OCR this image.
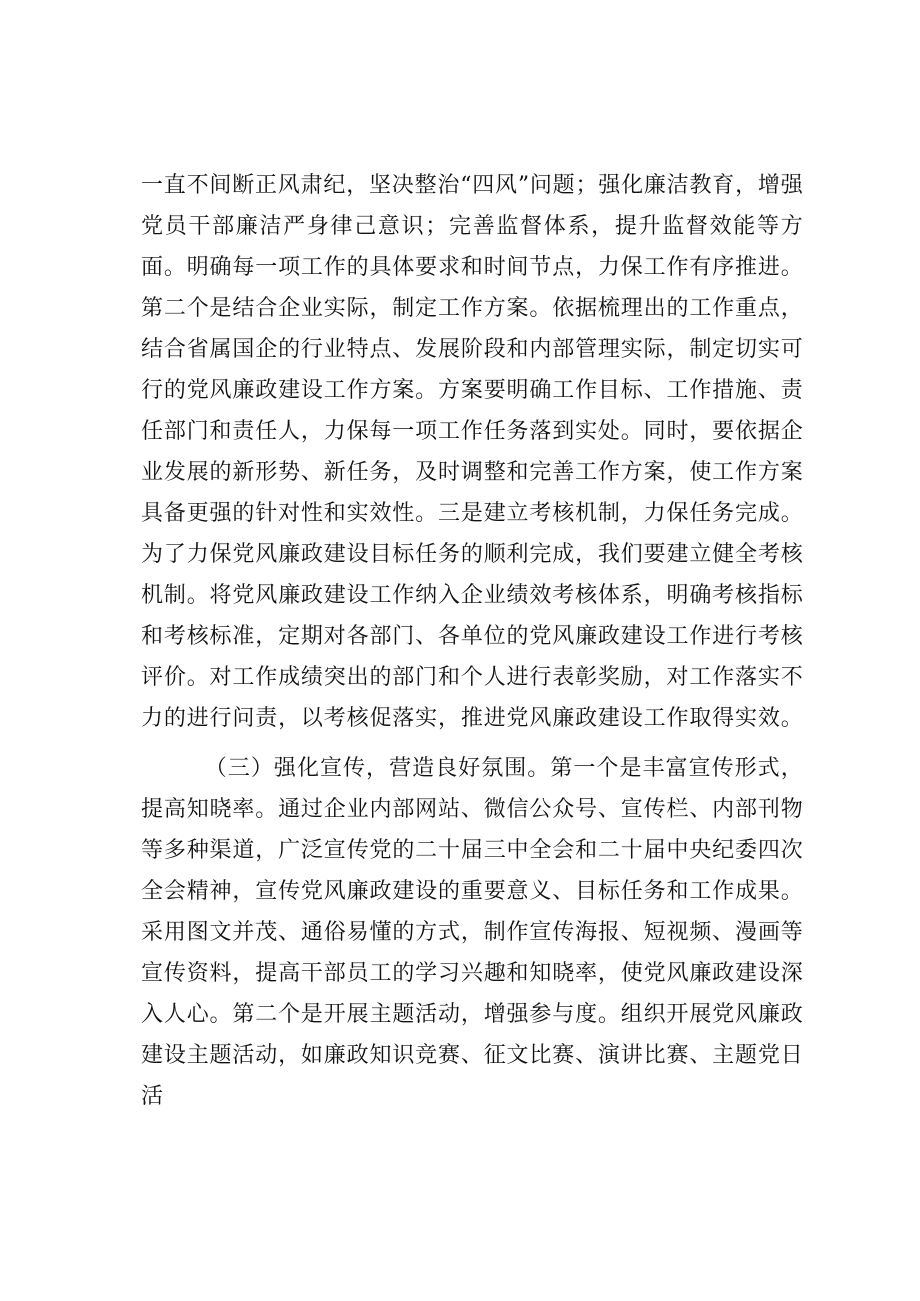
一直不间断正风肃纪，坚决整治“四风”问题；强化廉洁教育，增强党员干部廉洁严身律己意识；完善监督体系，提升监督效能等方面。明确每一项工作的具体要求和时间节点，力保工作有序推进。第二个是结合企业实际，制定工作方案。依据梳理出的工作重点，结合省属国企的行业特点、发展阶段和内部管理实际，制定切实可行的党风廉政建设工作方案。方案要明确工作目标、工作措施、责任部门和责任人，力保每一项工作任务落到实处。同时，要依据企业发展的新形势、新任务，及时调整和完善工作方案，使工作方案具备更强的针对性和实效性。三是建立考核机制，力保任务完成。为了力保党风廉政建设目标任务的顺利完成，我们要建立健全考核机制。将党风廉政建设工作纳入企业绩效考核体系，明确考核指标和考核标准，定期对各部门、各单位的党风廉政建设工作进行考核评价。对工作成绩突出的部门和个人进行表彰奖励，对工作落实不力的进行问责，以考核促落实，推进党风廉政建设工作取得实效。

（三）强化宣传，营造良好氛围。第一个是丰富宣传形式，提高知晓率。通过企业内部网站、微信公众号、宣传栏、内部刊物等多种渠道，广泛宣传党的二十届三中全会和二十届中央纪委四次全会精神，宣传党风廉政建设的重要意义、目标任务和工作成果。采用图文并茂、通俗易懂的方式，制作宣传海报、短视频、漫画等宣传资料，提高干部员工的学习兴趣和知晓率，使党风廉政建设深入人心。第二个是开展主题活动，增强参与度。组织开展党风廉政建设主题活动，如廉政知识竞赛、征文比赛、演讲比赛、主题党日活
